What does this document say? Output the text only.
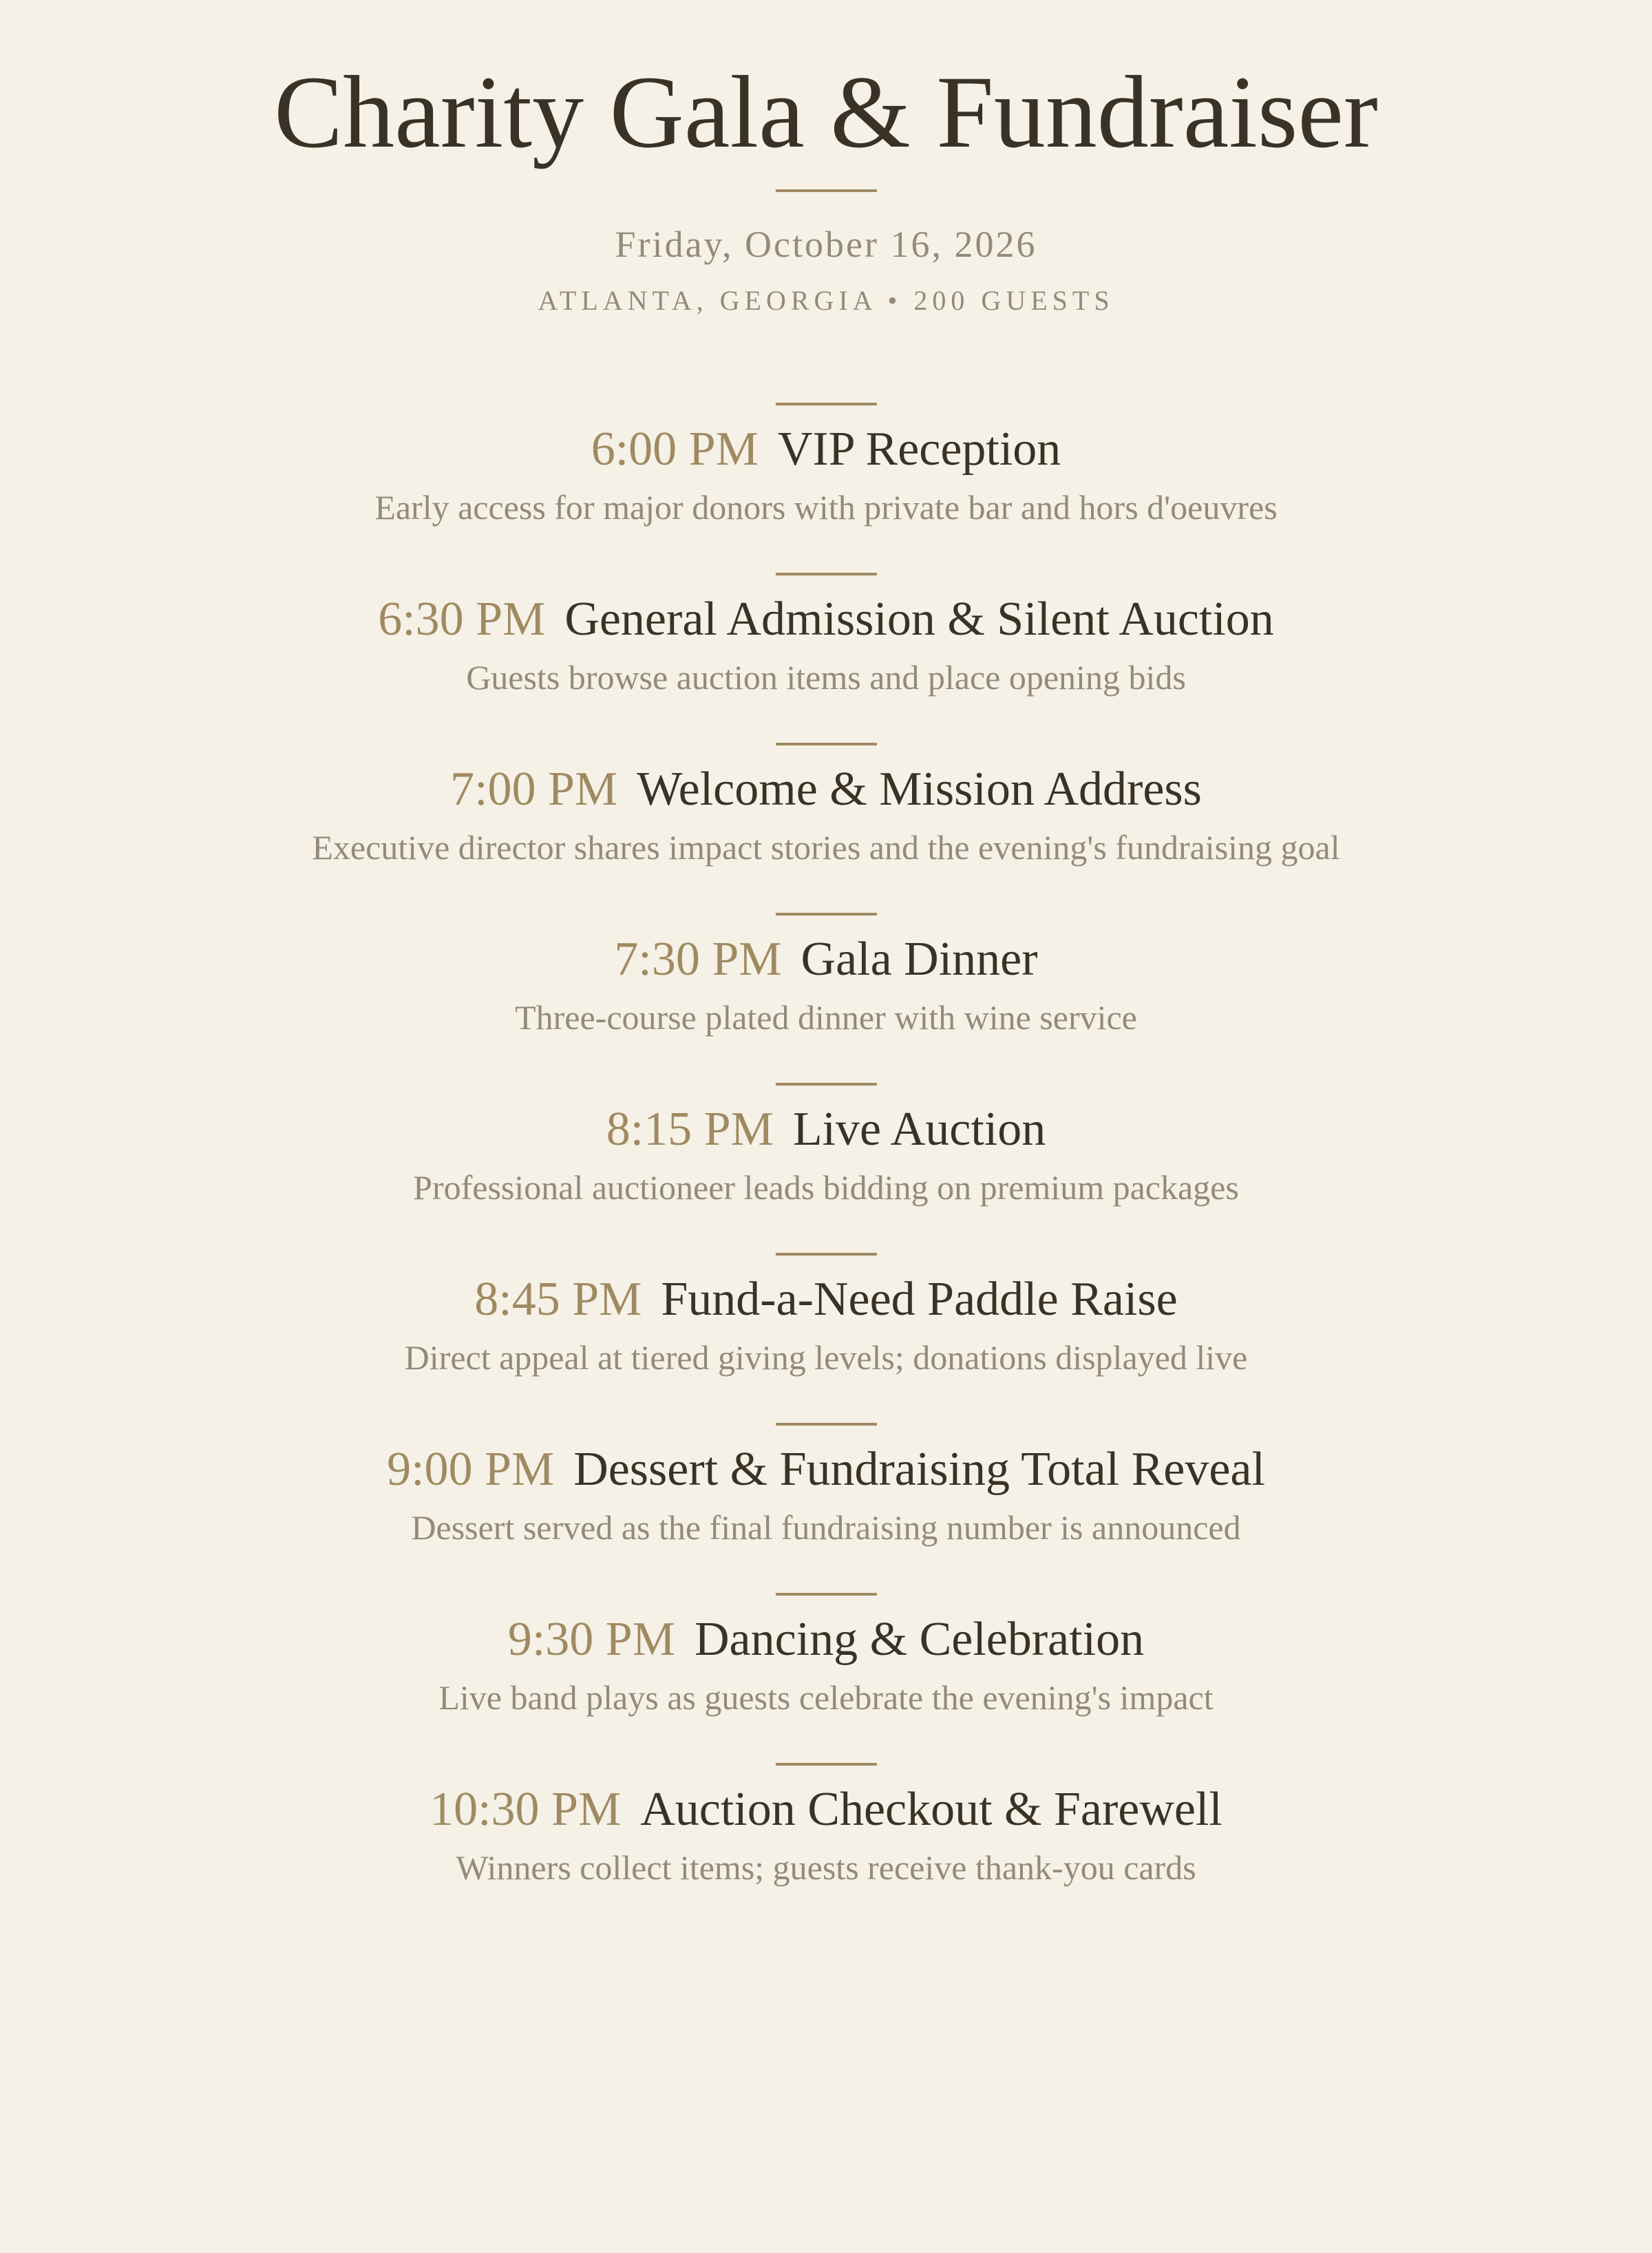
Charity Gala & Fundraiser
Friday, October 16, 2026
ATLANTA, GEORGIA • 200 GUESTS
6:00 PM VIP Reception
Early access for major donors with private bar and hors d'oeuvres
6:30 PM General Admission & Silent Auction
Guests browse auction items and place opening bids
7:00 PM Welcome & Mission Address
Executive director shares impact stories and the evening's fundraising goal
7:30 PM Gala Dinner
Three-course plated dinner with wine service
8:15 PM Live Auction
Professional auctioneer leads bidding on premium packages
8:45 PM Fund-a-Need Paddle Raise
Direct appeal at tiered giving levels; donations displayed live
9:00 PM Dessert & Fundraising Total Reveal
Dessert served as the final fundraising number is announced
9:30 PM Dancing & Celebration
Live band plays as guests celebrate the evening's impact
10:30 PM Auction Checkout & Farewell
Winners collect items; guests receive thank-you cards
